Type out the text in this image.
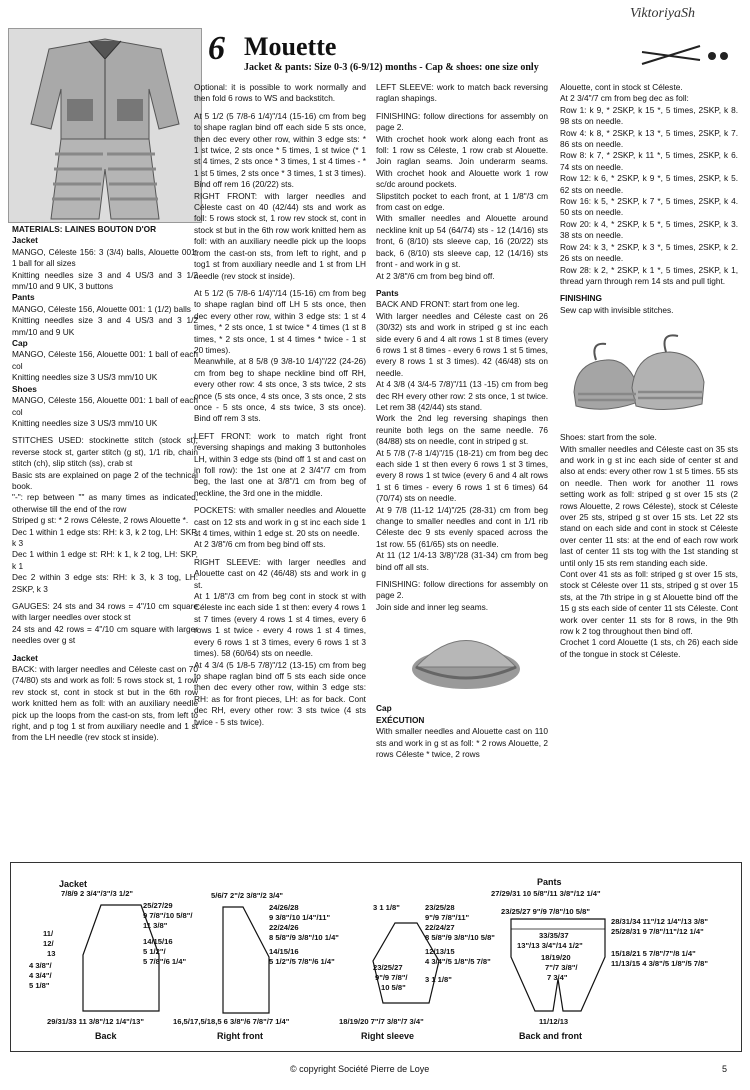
ViktoriyaSh
6 Mouette
Jacket & pants: Size 0-3 (6-9/12) months - Cap & shoes: one size only

MATERIALS: LAINES BOUTON D'OR

Jacket

MANGO, Céleste 156: 3 (3/4) balls, Alouette 001: 1 ball for all sizes

Knitting needles size 3 and 4 US/3 and 3 1/2 mm/10 and 9 UK, 3 buttons

Pants

MANGO, Céleste 156, Alouette 001: 1 (1/2) balls

Knitting needles size 3 and 4 US/3 and 3 1/2 mm/10 and 9 UK

Cap

MANGO, Céleste 156, Alouette 001: 1 ball of each col

Knitting needles size 3 US/3 mm/10 UK

Shoes

MANGO, Céleste 156, Alouette 001: 1 ball of each col

Knitting needles size 3 US/3 mm/10 UK

STITCHES USED: stockinette stitch (stock st), reverse stock st, garter stitch (g st), 1/1 rib, chain stitch (ch), slip stitch (ss), crab st

Basic sts are explained on page 2 of the technical book.

"-": rep between "" as many times as indicated, otherwise till the end of the row

Striped g st: * 2 rows Céleste, 2 rows Alouette *.

Dec 1 within 1 edge sts: RH: k 3, k 2 tog, LH: SKP, k 3

Dec 1 within 1 edge st: RH: k 1, k 2 tog, LH: SKP, k 1

Dec 2 within 3 edge sts: RH: k 3, k 3 tog, LH: 2SKP, k 3

GAUGES: 24 sts and 34 rows = 4"/10 cm square with larger needles over stock st

24 sts and 42 rows = 4"/10 cm square with larger needles over g st

Jacket

BACK: with larger needles and Céleste cast on 70 (74/80) sts and work as foll: 5 rows stock st, 1 row rev stock st, cont in stock st but in the 6th row work knitted hem as foll: with an auxiliary needle pick up the loops from the cast-on sts, from left to right, and p tog 1 st from auxiliary needle and 1 st from the LH needle (rev stock st inside).

Optional: it is possible to work normally and then fold 6 rows to WS and backstitch.

At 5 1/2 (5 7/8-6 1/4)"/14 (15-16) cm from beg to shape raglan bind off each side 5 sts once, then dec every other row, within 3 edge sts: * 1 st twice, 2 sts once * 5 times, 1 st twice (* 1 st 4 times, 2 sts once * 3 times, 1 st 4 times - * 1 st 5 times, 2 sts once * 3 times, 1 st 3 times). Bind off rem 16 (20/22) sts.

RIGHT FRONT: with larger needles and Céleste cast on 40 (42/44) sts and work as foll: 5 rows stock st, 1 row rev stock st, cont in stock st but in the 6th row work knitted hem as foll: with an auxiliary needle pick up the loops from the cast-on sts, from left to right, and p tog1 st from auxiliary needle and 1 st from LH needle (rev stock st inside).

At 5 1/2 (5 7/8-6 1/4)"/14 (15-16) cm from beg to shape raglan bind off LH 5 sts once, then dec every other row, within 3 edge sts: 1 st 4 times, * 2 sts once, 1 st twice * 4 times (1 st 8 times, * 2 sts once, 1 st 4 times * twice - 1 st 20 times).

Meanwhile, at 8 5/8 (9 3/8-10 1/4)"/22 (24-26) cm from beg to shape neckline bind off RH, every other row: 4 sts once, 3 sts twice, 2 sts once (5 sts once, 4 sts once, 3 sts once, 2 sts once - 5 sts once, 4 sts twice, 3 sts once). Bind off rem 3 sts.

LEFT FRONT: work to match right front reversing shapings and making 3 buttonholes LH, within 3 edge sts (bind off 1 st and cast on in foll row): the 1st one at 2 3/4"/7 cm from beg, the last one at 3/8"/1 cm from beg of neckline, the 3rd one in the middle.

POCKETS: with smaller needles and Alouette cast on 12 sts and work in g st inc each side 1 st 4 times, within 1 edge st. 20 sts on needle.

At 2 3/8"/6 cm from beg bind off sts.

RIGHT SLEEVE: with larger needles and Alouette cast on 42 (46/48) sts and work in g st.

At 1 1/8"/3 cm from beg cont in stock st with Céleste inc each side 1 st then: every 4 rows 1 st 7 times (every 4 rows 1 st 4 times, every 6 rows 1 st twice - every 4 rows 1 st 4 times, every 6 rows 1 st 3 times, every 6 rows 1 st 3 times). 58 (60/64) sts on needle.

At 4 3/4 (5 1/8-5 7/8)"/12 (13-15) cm from beg to shape raglan bind off 5 sts each side once then dec every other row, within 3 edge sts: RH: as for front pieces, LH: as for back. Cont dec RH, every other row: 3 sts twice (4 sts twice - 5 sts twice).

LEFT SLEEVE: work to match back reversing raglan shapings.

FINISHING: follow directions for assembly on page 2.

With crochet hook work along each front as foll: 1 row ss Céleste, 1 row crab st Alouette. Join raglan seams. Join underarm seams. With crochet hook and Alouette work 1 row sc/dc around pockets.

Slipstitch pocket to each front, at 1 1/8"/3 cm from cast on edge.

With smaller needles and Alouette around neckline knit up 54 (64/74) sts - 12 (14/16) sts front, 6 (8/10) sts sleeve cap, 16 (20/22) sts back, 6 (8/10) sts sleeve cap, 12 (14/16) sts front - and work in g st.

At 2 3/8"/6 cm from beg bind off.

Pants

BACK AND FRONT: start from one leg.

With larger needles and Céleste cast on 26 (30/32) sts and work in striped g st inc each side every 6 and 4 alt rows 1 st 8 times (every 6 rows 1 st 8 times - every 6 rows 1 st 5 times, every 8 rows 1 st 3 times). 42 (46/48) sts on needle.

At 4 3/8 (4 3/4-5 7/8)"/11 (13 -15) cm from beg dec RH every other row: 2 sts once, 1 st twice. Let rem 38 (42/44) sts stand.

Work the 2nd leg reversing shapings then reunite both legs on the same needle. 76 (84/88) sts on needle, cont in striped g st.

At 5 7/8 (7-8 1/4)"/15 (18-21) cm from beg dec each side 1 st then every 6 rows 1 st 3 times, every 8 rows 1 st twice (every 6 and 4 alt rows 1 st 6 times - every 6 rows 1 st 6 times) 64 (70/74) sts on needle.

At 9 7/8 (11-12 1/4)"/25 (28-31) cm from beg change to smaller needles and cont in 1/1 rib Céleste dec 9 sts evenly spaced across the 1st row. 55 (61/65) sts on needle.

At 11 (12 1/4-13 3/8)"/28 (31-34) cm from beg bind off all sts.

FINISHING: follow directions for assembly on page 2.

Join side and inner leg seams.

Cap

EXÉCUTION

With smaller needles and Alouette cast on 110 sts and work in g st as foll: * 2 rows Alouette, 2 rows Céleste * twice, 2 rows

Alouette, cont in stock st Céleste.

At 2 3/4"/7 cm from beg dec as foll:

Row 1: k 9, * 2SKP, k 15 *, 5 times, 2SKP, k 8. 98 sts on needle.

Row 4: k 8, * 2SKP, k 13 *, 5 times, 2SKP, k 7. 86 sts on needle.

Row 8: k 7, * 2SKP, k 11 *, 5 times, 2SKP, k 6. 74 sts on needle.

Row 12: k 6, * 2SKP, k 9 *, 5 times, 2SKP, k 5. 62 sts on needle.

Row 16: k 5, * 2SKP, k 7 *, 5 times, 2SKP, k 4. 50 sts on needle.

Row 20: k 4, * 2SKP, k 5 *, 5 times, 2SKP, k 3. 38 sts on needle.

Row 24: k 3, * 2SKP, k 3 *, 5 times, 2SKP, k 2. 26 sts on needle.

Row 28: k 2, * 2SKP, k 1 *, 5 times, 2SKP, k 1, thread yarn through rem 14 sts and pull tight.

FINISHING

Sew cap with invisible stitches.

Shoes: start from the sole.

With smaller needles and Céleste cast on 35 sts and work in g st inc each side of center st and also at ends: every other row 1 st 5 times. 55 sts on needle. Then work for another 11 rows setting work as foll: striped g st over 15 sts (2 rows Alouette, 2 rows Céleste), stock st Céleste over 25 sts, striped g st over 15 sts. Let 22 sts stand on each side and cont in stock st Céleste over center 11 sts: at the end of each row work last of center 11 sts tog with the 1st standing st until only 15 sts rem standing each side.

Cont over 41 sts as foll: striped g st over 15 sts, stock st Céleste over 11 sts, striped g st over 15 sts, at the 7th stripe in g st Alouette bind off the 15 g sts each side of center 11 sts Céleste. Cont work over center 11 sts for 8 rows, in the 9th row k 2 tog throughout then bind off.

Crochet 1 cord Alouette (1 sts, ch 26) each side of the tongue in stock st Céleste.

Jacket
7/8/9 2 3/4"/3"/3 1/2"
25/27/29
9 7/8"/10 5/8"/
11 3/8"
14/15/16
5 1/2"/
5 7/8"/6 1/4"
11/
12/
13
4 3/8"/
4 3/4"/
5 1/8"
29/31/33 11 3/8"/12 1/4"/13"
Back
5/6/7 2"/2 3/8"/2 3/4"
24/26/28
9 3/8"/10 1/4"/11"
22/24/26
8 5/8"/9 3/8"/10 1/4"
14/15/16
5 1/2"/5 7/8"/6 1/4"
16,5/17,5/18,5 6 3/8"/6 7/8"/7 1/4"
Right front
3 1 1/8"	23/25/28
9"/9 7/8"/11"
22/24/27
8 5/8"/9 3/8"/10 5/8"
12/13/15
4 3/4"/5 1/8"/5 7/8"
3 1 1/8"
23/25/27
9"/9 7/8"/
10 5/8"
18/19/20 7"/7 3/8"/7 3/4"
Right sleeve
Pants
27/29/31 10 5/8"/11 3/8"/12 1/4"
23/25/27 9"/9 7/8"/10 5/8"
33/35/37
13"/13 3/4"/14 1/2"
18/19/20
7"/7 3/8"/
7 3/4"
28/31/34 11"/12 1/4"/13 3/8"
25/28/31 9 7/8"/11"/12 1/4"
15/18/21 5 7/8"/7"/8 1/4"
11/13/15 4 3/8"/5 1/8"/5 7/8"
11/12/13
Back and front
© copyright Société Pierre de Loye	5
